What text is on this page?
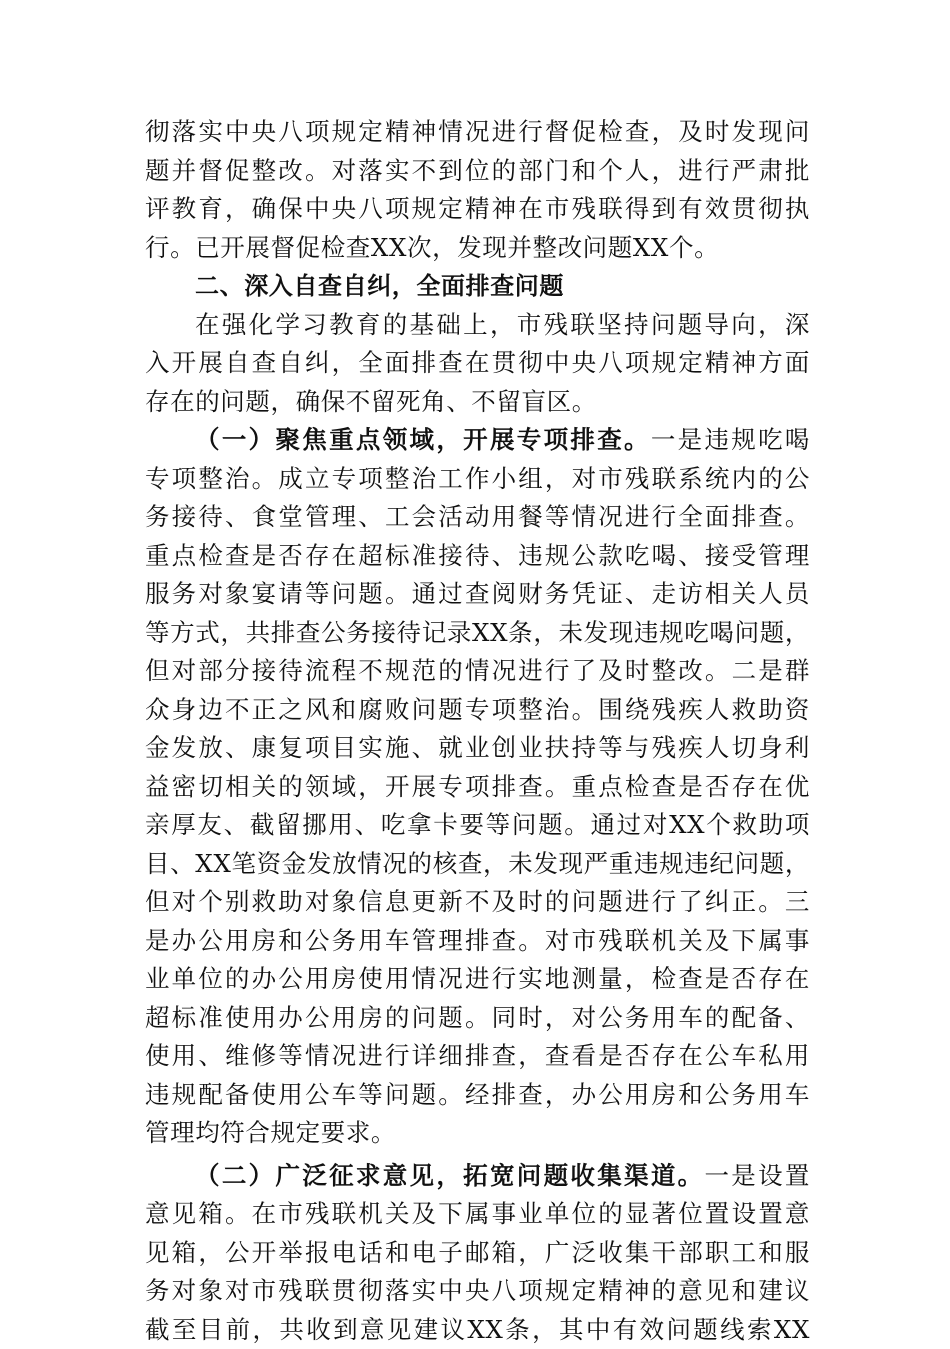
彻落实中央八项规定精神情况进行督促检查，及时发现问
题并督促整改。对落实不到位的部门和个人，进行严肃批
评教育，确保中央八项规定精神在市残联得到有效贯彻执
行。已开展督促检查XX次，发现并整改问题XX个。
二、深入自查自纠，全面排查问题
在强化学习教育的基础上，市残联坚持问题导向，深
入开展自查自纠，全面排查在贯彻中央八项规定精神方面
存在的问题，确保不留死角、不留盲区。
（一）聚焦重点领域，开展专项排查。一是违规吃喝
专项整治。成立专项整治工作小组，对市残联系统内的公
务接待、食堂管理、工会活动用餐等情况进行全面排查。
重点检查是否存在超标准接待、违规公款吃喝、接受管理
服务对象宴请等问题。通过查阅财务凭证、走访相关人员
等方式，共排查公务接待记录XX条，未发现违规吃喝问题，
但对部分接待流程不规范的情况进行了及时整改。二是群
众身边不正之风和腐败问题专项整治。围绕残疾人救助资
金发放、康复项目实施、就业创业扶持等与残疾人切身利
益密切相关的领域，开展专项排查。重点检查是否存在优
亲厚友、截留挪用、吃拿卡要等问题。通过对XX个救助项
目、XX笔资金发放情况的核查，未发现严重违规违纪问题，
但对个别救助对象信息更新不及时的问题进行了纠正。三
是办公用房和公务用车管理排查。对市残联机关及下属事
业单位的办公用房使用情况进行实地测量，检查是否存在
超标准使用办公用房的问题。同时，对公务用车的配备、
使用、维修等情况进行详细排查，查看是否存在公车私用
违规配备使用公车等问题。经排查，办公用房和公务用车
管理均符合规定要求。
（二）广泛征求意见，拓宽问题收集渠道。一是设置
意见箱。在市残联机关及下属事业单位的显著位置设置意
见箱，公开举报电话和电子邮箱，广泛收集干部职工和服
务对象对市残联贯彻落实中央八项规定精神的意见和建议
截至目前，共收到意见建议XX条，其中有效问题线索XX
